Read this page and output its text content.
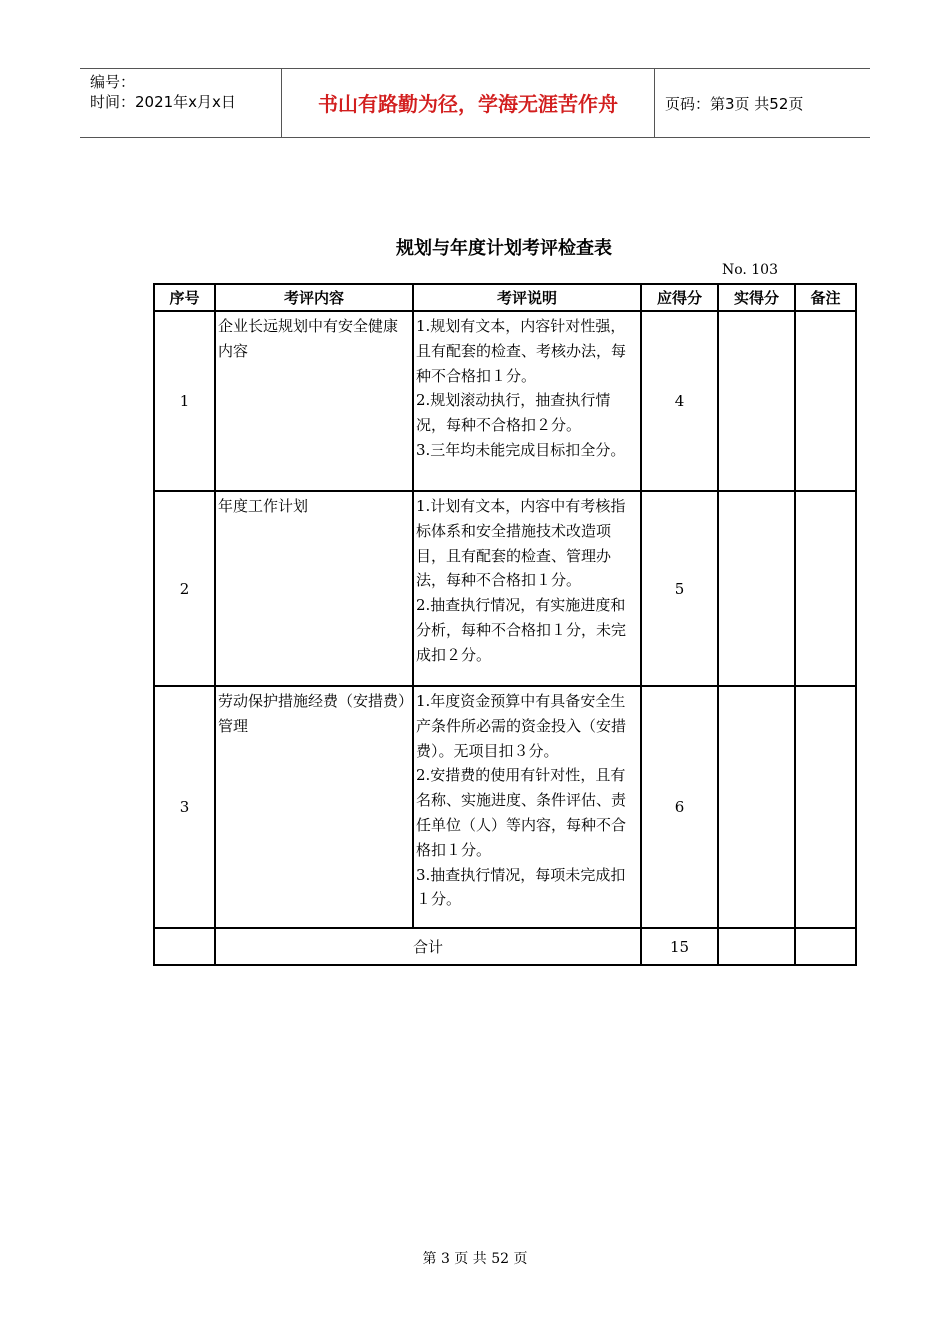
编号：
时间：2021年x月x日	书山有路勤为径，学海无涯苦作舟	页码：第3页 共52页
规划与年度计划考评检查表
No. 103
序号	考评内容	考评说明	应得分	实得分	备注
1	企业长远规划中有安全健康内容	1.规划有文本，内容针对性强，且有配套的检查、考核办法，每种不合格扣１分。
2.规划滚动执行，抽查执行情况，每种不合格扣２分。
3.三年均未能完成目标扣全分。	4		
2	年度工作计划	1.计划有文本，内容中有考核指标体系和安全措施技术改造项目，且有配套的检查、管理办法，每种不合格扣１分。
2.抽查执行情况，有实施进度和分析，每种不合格扣１分，未完成扣２分。	5		
3	劳动保护措施经费（安措费）管理	1.年度资金预算中有具备安全生产条件所必需的资金投入（安措费）。无项目扣３分。
2.安措费的使用有针对性，且有名称、实施进度、条件评估、责任单位（人）等内容，每种不合格扣１分。
3.抽查执行情况，每项未完成扣１分。	6		
	合计		15		
第 3 页 共 52 页
